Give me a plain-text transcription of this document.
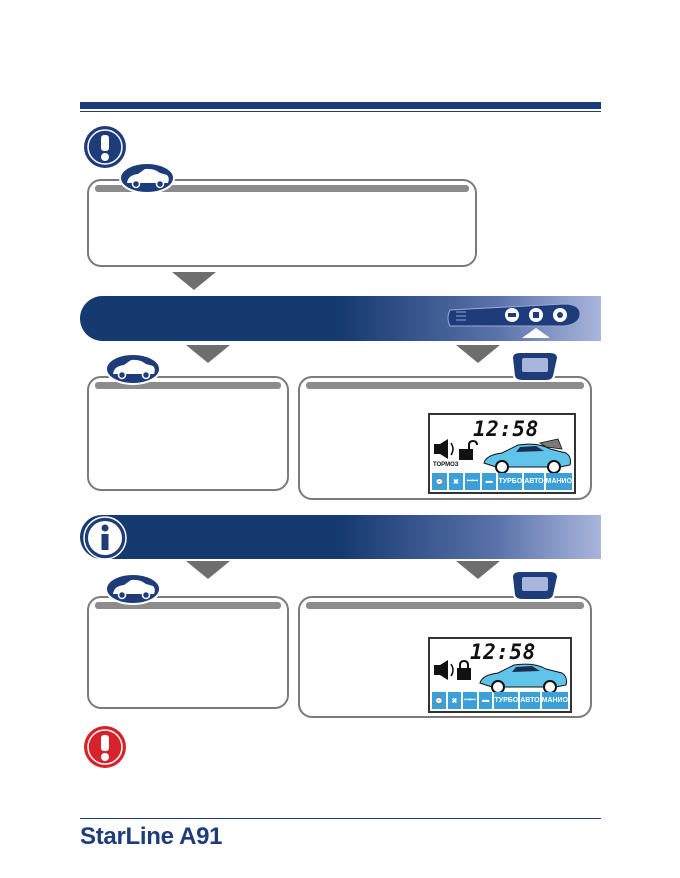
12:58
ТОРМОЗ
⌚	✖	ꟷꟷ	▬ ТУРБО АВТО МАНИО
12:58
⌚	✖ ꟷꟷ ▬ ТУРБО АВТО МАНИО
StarLine A91
